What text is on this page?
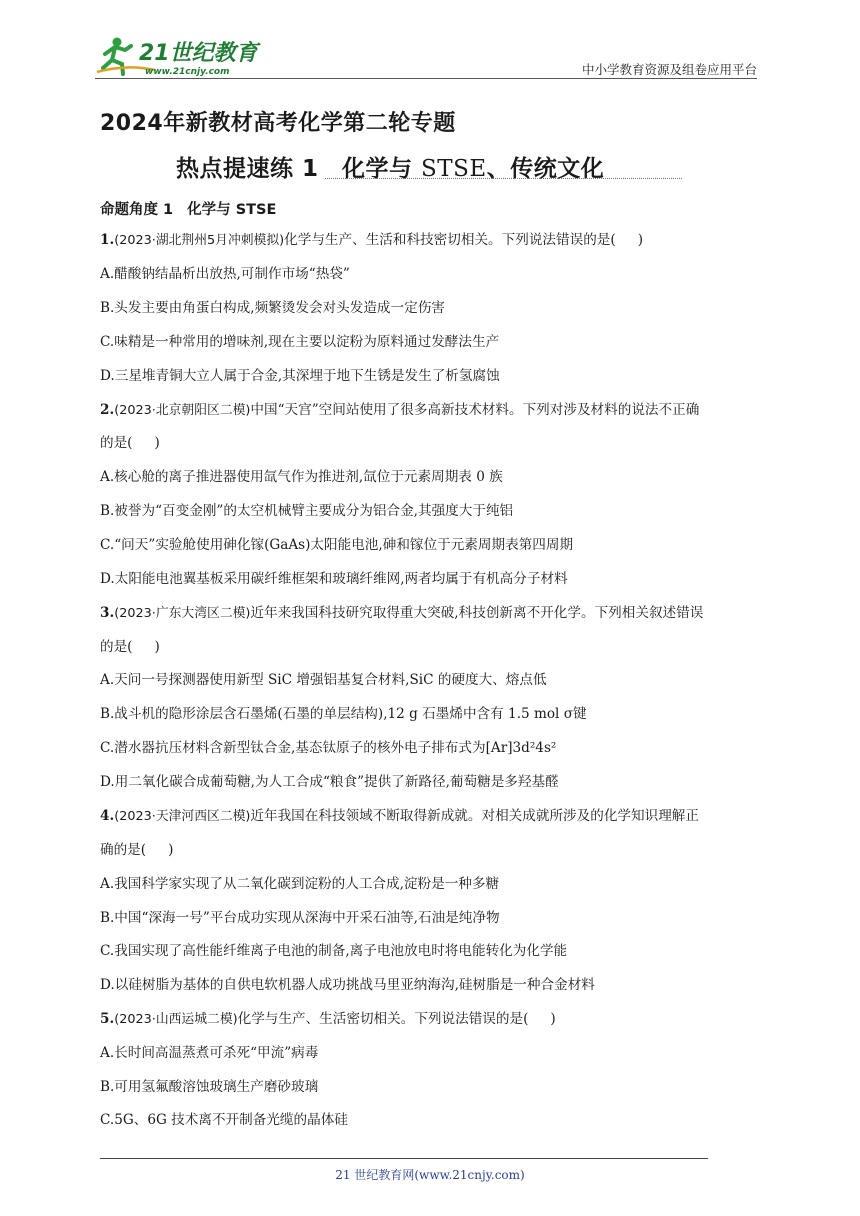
21世纪教育
www.21cnjy.com	中小学教育资源及组卷应用平台
2024年新教材高考化学第二轮专题
热点提速练 1　化学与 STSE、传统文化
命题角度 1 化学与 STSE
1.(2023·湖北荆州5月冲刺模拟)化学与生产、生活和科技密切相关。下列说法错误的是( )
A.醋酸钠结晶析出放热,可制作市场“热袋”
B.头发主要由角蛋白构成,频繁烫发会对头发造成一定伤害
C.味精是一种常用的增味剂,现在主要以淀粉为原料通过发酵法生产
D.三星堆青铜大立人属于合金,其深埋于地下生锈是发生了析氢腐蚀
2.(2023·北京朝阳区二模)中国“天宫”空间站使用了很多高新技术材料。下列对涉及材料的说法不正确
的是( )
A.核心舱的离子推进器使用氙气作为推进剂,氙位于元素周期表 0 族
B.被誉为“百变金刚”的太空机械臂主要成分为铝合金,其强度大于纯铝
C.“问天”实验舱使用砷化镓(GaAs)太阳能电池,砷和镓位于元素周期表第四周期
D.太阳能电池翼基板采用碳纤维框架和玻璃纤维网,两者均属于有机高分子材料
3.(2023·广东大湾区二模)近年来我国科技研究取得重大突破,科技创新离不开化学。下列相关叙述错误
的是( )
A.天问一号探测器使用新型 SiC 增强铝基复合材料,SiC 的硬度大、熔点低
B.战斗机的隐形涂层含石墨烯(石墨的单层结构),12 g 石墨烯中含有 1.5 mol σ键
C.潜水器抗压材料含新型钛合金,基态钛原子的核外电子排布式为[Ar]3d²4s²
D.用二氧化碳合成葡萄糖,为人工合成“粮食”提供了新路径,葡萄糖是多羟基醛
4.(2023·天津河西区二模)近年我国在科技领域不断取得新成就。对相关成就所涉及的化学知识理解正
确的是( )
A.我国科学家实现了从二氧化碳到淀粉的人工合成,淀粉是一种多糖
B.中国“深海一号”平台成功实现从深海中开采石油等,石油是纯净物
C.我国实现了高性能纤维离子电池的制备,离子电池放电时将电能转化为化学能
D.以硅树脂为基体的自供电软机器人成功挑战马里亚纳海沟,硅树脂是一种合金材料
5.(2023·山西运城二模)化学与生产、生活密切相关。下列说法错误的是( )
A.长时间高温蒸煮可杀死“甲流”病毒
B.可用氢氟酸溶蚀玻璃生产磨砂玻璃
C.5G、6G 技术离不开制备光缆的晶体硅
21 世纪教育网(www.21cnjy.com)
